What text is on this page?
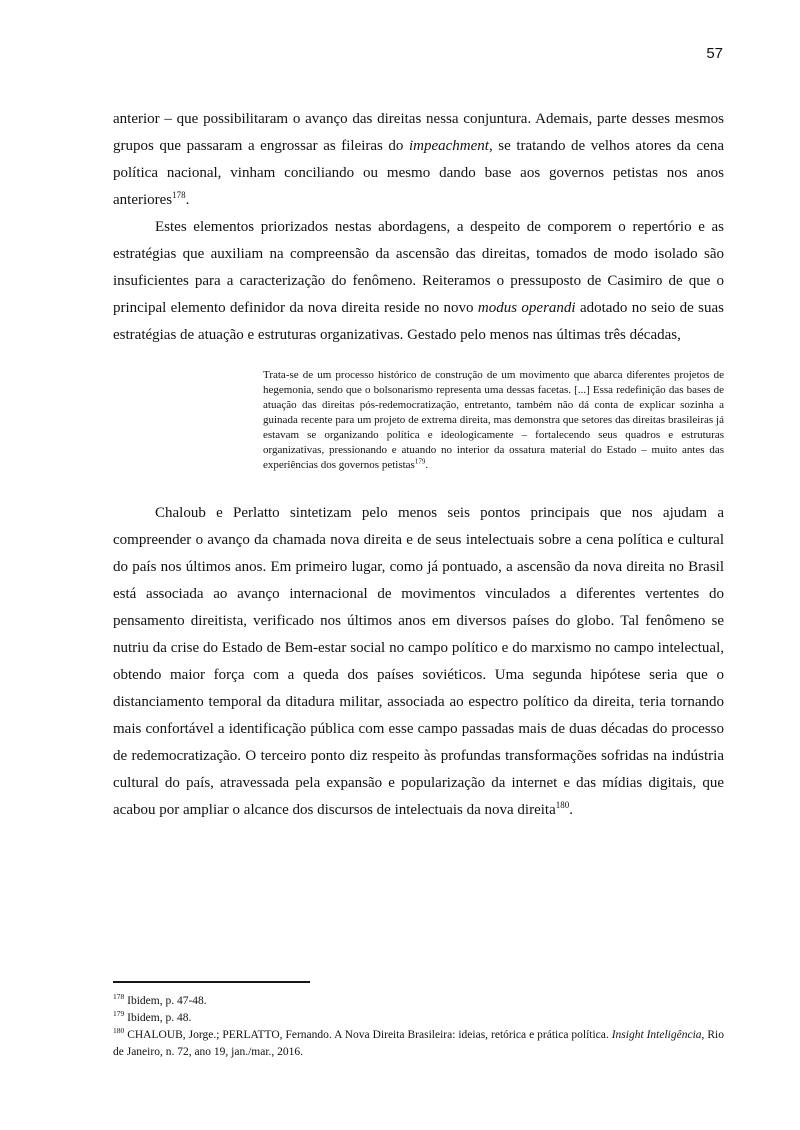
57

anterior – que possibilitaram o avanço das direitas nessa conjuntura. Ademais, parte desses mesmos grupos que passaram a engrossar as fileiras do impeachment, se tratando de velhos atores da cena política nacional, vinham conciliando ou mesmo dando base aos governos petistas nos anos anteriores$^{178}$.

Estes elementos priorizados nestas abordagens, a despeito de comporem o repertório e as estratégias que auxiliam na compreensão da ascensão das direitas, tomados de modo isolado são insuficientes para a caracterização do fenômeno. Reiteramos o pressuposto de Casimiro de que o principal elemento definidor da nova direita reside no novo modus operandi adotado no seio de suas estratégias de atuação e estruturas organizativas. Gestado pelo menos nas últimas três décadas,

Trata-se de um processo histórico de construção de um movimento que abarca diferentes projetos de hegemonia, sendo que o bolsonarismo representa uma dessas facetas. [...] Essa redefinição das bases de atuação das direitas pós-redemocratização, entretanto, também não dá conta de explicar sozinha a guinada recente para um projeto de extrema direita, mas demonstra que setores das direitas brasileiras já estavam se organizando política e ideologicamente – fortalecendo seus quadros e estruturas organizativas, pressionando e atuando no interior da ossatura material do Estado – muito antes das experiências dos governos petistas$^{179}$.

Chaloub e Perlatto sintetizam pelo menos seis pontos principais que nos ajudam a compreender o avanço da chamada nova direita e de seus intelectuais sobre a cena política e cultural do país nos últimos anos. Em primeiro lugar, como já pontuado, a ascensão da nova direita no Brasil está associada ao avanço internacional de movimentos vinculados a diferentes vertentes do pensamento direitista, verificado nos últimos anos em diversos países do globo. Tal fenômeno se nutriu da crise do Estado de Bem-estar social no campo político e do marxismo no campo intelectual, obtendo maior força com a queda dos países soviéticos. Uma segunda hipótese seria que o distanciamento temporal da ditadura militar, associada ao espectro político da direita, teria tornando mais confortável a identificação pública com esse campo passadas mais de duas décadas do processo de redemocratização. O terceiro ponto diz respeito às profundas transformações sofridas na indústria cultural do país, atravessada pela expansão e popularização da internet e das mídias digitais, que acabou por ampliar o alcance dos discursos de intelectuais da nova direita$^{180}$.

$^{178}$ Ibidem, p. 47-48.

$^{179}$ Ibidem, p. 48.

$^{180}$ CHALOUB, Jorge.; PERLATTO, Fernando. A Nova Direita Brasileira: ideias, retórica e prática política. Insight Inteligência, Rio de Janeiro, n. 72, ano 19, jan./mar., 2016.
